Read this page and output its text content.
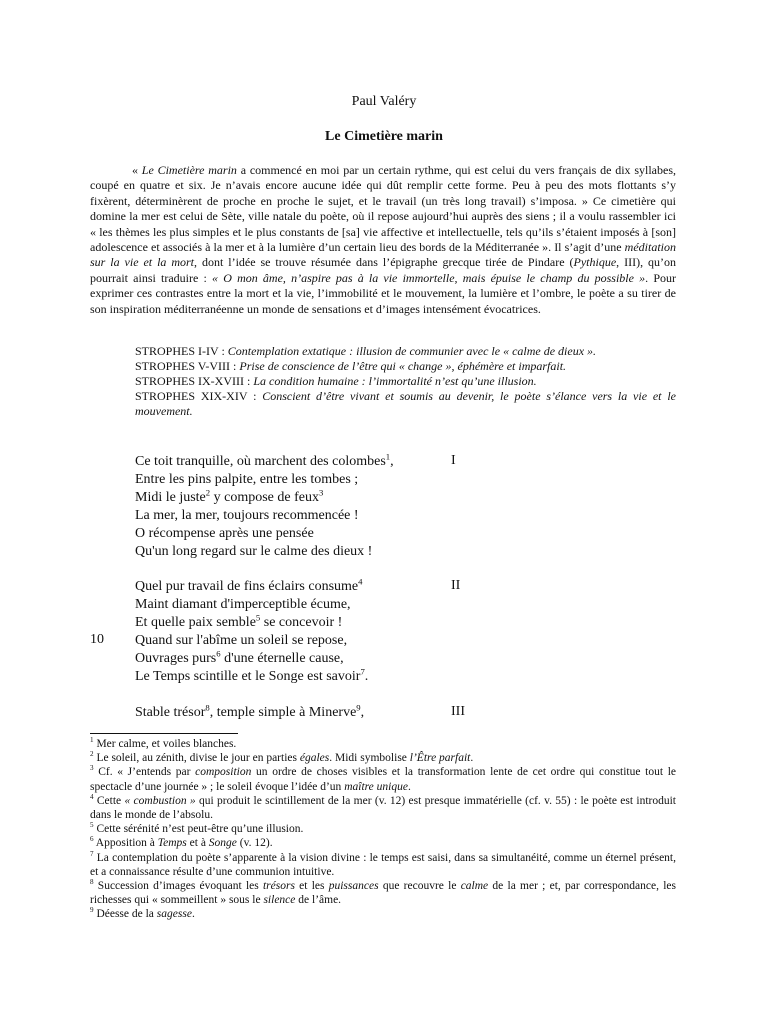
Paul Valéry
Le Cimetière marin

« Le Cimetière marin a commencé en moi par un certain rythme, qui est celui du vers français de dix syllabes, coupé en quatre et six. Je n’avais encore aucune idée qui dût remplir cette forme. Peu à peu des mots flottants s’y fixèrent, déterminèrent de proche en proche le sujet, et le travail (un très long travail) s’imposa. » Ce cimetière qui domine la mer est celui de Sète, ville natale du poète, où il repose aujourd’hui auprès des siens ; il a voulu rassembler ici « les thèmes les plus simples et le plus constants de [sa] vie affective et intellectuelle, tels qu’ils s’étaient imposés à [son] adolescence et associés à la mer et à la lumière d’un certain lieu des bords de la Méditerranée ». Il s’agit d’une méditation sur la vie et la mort, dont l’idée se trouve résumée dans l’épigraphe grecque tirée de Pindare (Pythique, III), qu’on pourrait ainsi traduire : « O mon âme, n’aspire pas à la vie immortelle, mais épuise le champ du possible ». Pour exprimer ces contrastes entre la mort et la vie, l’immobilité et le mouvement, la lumière et l’ombre, le poète a su tirer de son inspiration méditerranéenne un monde de sensations et d’images intensément évocatrices.

STROPHES I-IV : Contemplation extatique : illusion de communier avec le « calme de dieux ».
STROPHES V-VIII : Prise de conscience de l’être qui « change », éphémère et imparfait.
STROPHES IX-XVIII : La condition humaine : l’immortalité n’est qu’une illusion.
STROPHES XIX-XIV : Conscient d’être vivant et soumis au devenir, le poète s’élance vers la vie et le mouvement.
Ce toit tranquille, où marchent des colombes$^1$,
Entre les pins palpite, entre les tombes ;
Midi le juste$^2$ y compose de feux$^3$
La mer, la mer, toujours recommencée !
O récompense après une pensée
Qu'un long regard sur le calme des dieux !
I
Quel pur travail de fins éclairs consume$^4$
Maint diamant d'imperceptible écume,
Et quelle paix semble$^5$ se concevoir !
Quand sur l'abîme un soleil se repose,
Ouvrages purs$^6$ d'une éternelle cause,
Le Temps scintille et le Songe est savoir$^7$.
II
10
Stable trésor$^8$, temple simple à Minerve$^9$,	III

$^1$ Mer calme, et voiles blanches.

$^2$ Le soleil, au zénith, divise le jour en parties égales. Midi symbolise l’Être parfait.

$^3$ Cf. « J’entends par composition un ordre de choses visibles et la transformation lente de cet ordre qui constitue tout le spectacle d’une journée » ; le soleil évoque l’idée d’un maître unique.

$^4$ Cette « combustion » qui produit le scintillement de la mer (v. 12) est presque immatérielle (cf. v. 55) : le poète est introduit dans le monde de l’absolu.

$^5$ Cette sérénité n’est peut-être qu’une illusion.

$^6$ Apposition à Temps et à Songe (v. 12).

$^7$ La contemplation du poète s’apparente à la vision divine : le temps est saisi, dans sa simultanéité, comme un éternel présent, et a connaissance résulte d’une communion intuitive.

$^8$ Succession d’images évoquant les trésors et les puissances que recouvre le calme de la mer ; et, par correspondance, les richesses qui « sommeillent » sous le silence de l’âme.

$^9$ Déesse de la sagesse.
